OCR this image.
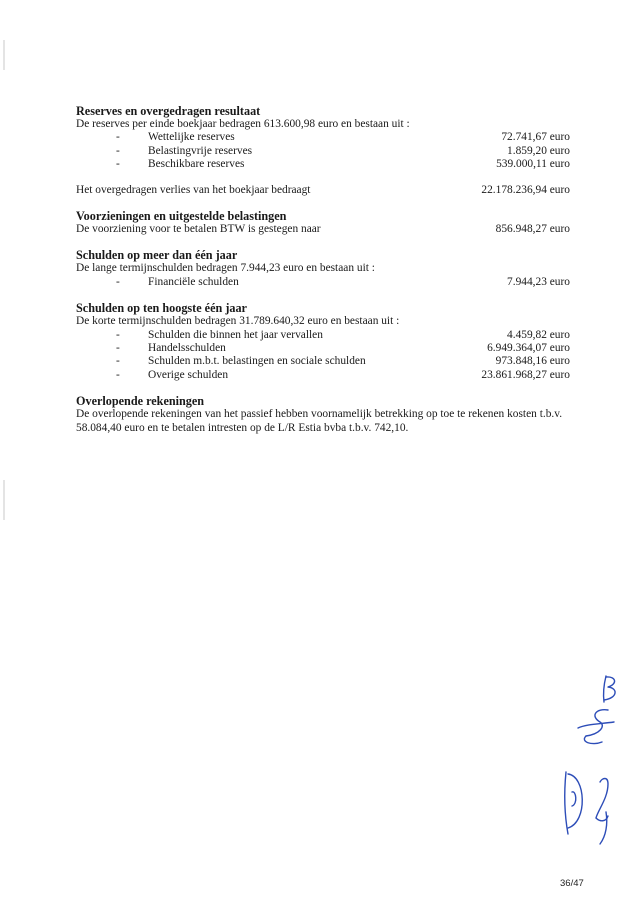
Reserves en overgedragen resultaat
De reserves per einde boekjaar bedragen 613.600,98 euro en bestaan uit :
-	Wettelijke reserves	72.741,67 euro
-	Belastingvrije reserves	1.859,20 euro
-	Beschikbare reserves	539.000,11 euro
Het overgedragen verlies van het boekjaar bedraagt	22.178.236,94 euro
Voorzieningen en uitgestelde belastingen
De voorziening voor te betalen BTW is gestegen naar	856.948,27 euro
Schulden op meer dan één jaar
De lange termijnschulden bedragen 7.944,23 euro en bestaan uit :
-	Financiële schulden	7.944,23 euro
Schulden op ten hoogste één jaar
De korte termijnschulden bedragen 31.789.640,32 euro en bestaan uit :
-	Schulden die binnen het jaar vervallen	4.459,82 euro
-	Handelsschulden	6.949.364,07 euro
-	Schulden m.b.t. belastingen en sociale schulden	973.848,16 euro
-	Overige schulden	23.861.968,27 euro
Overlopende rekeningen
De overlopende rekeningen van het passief hebben voornamelijk betrekking op toe te rekenen kosten t.b.v. 58.084,40 euro en te betalen intresten op de L/R Estia bvba t.b.v. 742,10.
36/47
